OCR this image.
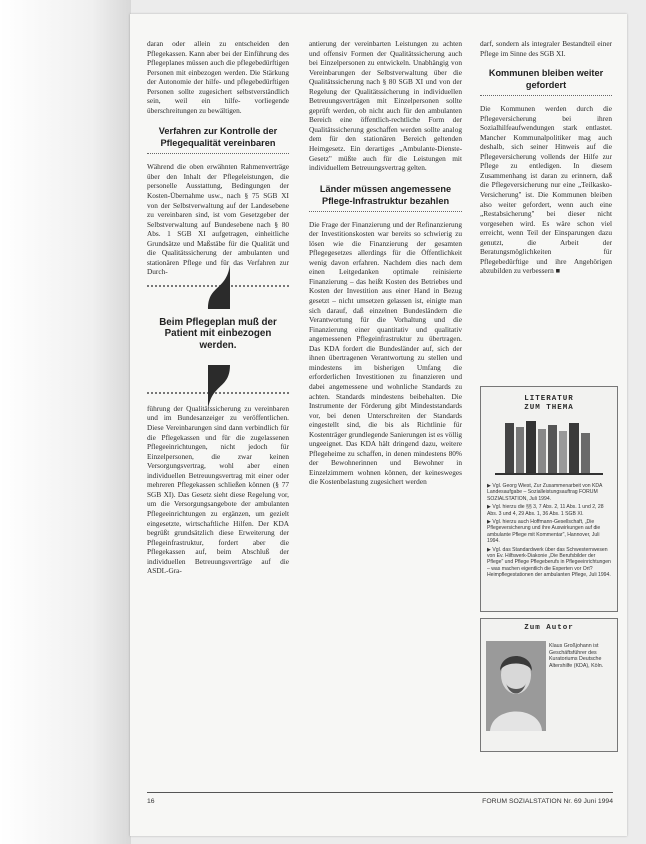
daran oder allein zu entscheiden den Pflegekassen. Kann aber bei der Einführung des Pflegeplanes müssen auch die pflegebedürftigen Personen mit einbezogen werden. Die Stärkung der Autonomie der hilfe- und pflegebedürftigen Personen sollte zugesichert selbstverständlich sein, weil ein hilfe- vorliegende überschreitungen zu bewältigen.

Verfahren zur Kontrolle der Pflegequalität vereinbaren

Während die oben erwähnten Rahmenverträge über den Inhalt der Pflegeleistungen, die personelle Ausstattung, Bedingungen der Kosten-Übernahme usw., nach § 75 SGB XI von der Selbstverwaltung auf der Landesebene zu vereinbaren sind, ist vom Gesetzgeber der Selbstverwaltung auf Bundesebene nach § 80 Abs. 1 SGB XI aufgetragen, einheitliche Grundsätze und Maßstäbe für die Qualität und die Qualitätssicherung der ambulanten und stationären Pflege und für das Verfahren zur Durch-

Beim Pflegeplan muß der Patient mit einbezogen werden.

führung der Qualitätssicherung zu vereinbaren und im Bundesanzeiger zu veröffentlichen. Diese Vereinbarungen sind dann verbindlich für die Pflegekassen und für die zugelassenen Pflegeeinrichtungen, nicht jedoch für Einzelpersonen, die zwar keinen Versorgungsvertrag, wohl aber einen individuellen Betreuungsvertrag mit einer oder mehreren Pflegekassen schließen können (§ 77 SGB XI). Das Gesetz sieht diese Regelung vor, um die Versorgungsangebote der ambulanten Pflegeeinrichtungen zu ergänzen, um gezielt eingesetzte, wirtschaftliche Hilfen. Der KDA begrüßt grundsätzlich diese Erweiterung der Pflegeinfrastruktur, fordert aber die Pflegekassen auf, beim Abschluß der individuellen Betreuungsverträge auf die ASDL-Gra-

antierung der vereinbarten Leistungen zu achten und offensiv Formen der Qualitätssicherung auch bei Einzelpersonen zu entwickeln. Unabhängig von Vereinbarungen der Selbstverwaltung über die Qualitätssicherung nach § 80 SGB XI und von der Regelung der Qualitätssicherung in individuellen Betreuungsverträgen mit Einzelpersonen sollte geprüft werden, ob nicht auch für den ambulanten Bereich eine öffentlich-rechtliche Form der Qualitätssicherung geschaffen werden sollte analog dem für den stationären Bereich geltenden Heimgesetz. Ein derartiges „Ambulante-Dienste-Gesetz" müßte auch für die Leistungen mit individuellem Betreuungsvertrag gelten.

Länder müssen angemessene Pflege-Infrastruktur bezahlen

Die Frage der Finanzierung und der Refinanzierung der Investitionskosten war bereits so schwierig zu lösen wie die Finanzierung der gesamten Pflegegesetzes allerdings für die Öffentlichkeit wenig davon erfahren. Nachdem dies nach dem einen Leitgedanken optimale reinisierte Finanzierung – das heißt Kosten des Betriebes und Kosten der Investition aus einer Hand in Bezug gesetzt – nicht umsetzen gelassen ist, einigte man sich darauf, daß einzelnen Bundesländern die Verantwortung für die Vorhaltung und die Finanzierung einer quantitativ und qualitativ angemessenen Pflegeinfrastruktur zu übertragen. Das KDA fordert die Bundesländer auf, sich der ihnen übertragenen Verantwortung zu stellen und mindestens im bisherigen Umfang die erforderlichen Investitionen zu finanzieren und dabei angemessene und wohnliche Standards zu achten. Standards mindestens beibehalten. Die Instrumente der Förderung gibt Mindeststandards vor, bei denen Unterschreiten der Standards eingestellt sind, die bis als Richtlinie für Kostenträger grundlegende Sanierungen ist es völlig ungeeignet. Das KDA hält dringend dazu, weitere Pflegeheime zu schaffen, in denen mindestens 80% der Bewohnerinnen und Bewohner in Einzelzimmern wohnen können, der keinesweges die Kostenbelastung zugesichert werden

darf, sondern als integraler Bestandteil einer Pflege im Sinne des SGB XI.

Kommunen bleiben weiter gefordert

Die Kommunen werden durch die Pflegeversicherung bei ihren Sozialhilfeaufwendungen stark entlastet. Mancher Kommunalpolitiker mag auch deshalb, sich seiner Hinweis auf die Pflegeversicherung vollends der Hilfe zur Pflege zu entledigen. In diesem Zusammenhang ist daran zu erinnern, daß die Pflegeversicherung nur eine „Teilkasko-Versicherung" ist. Die Kommunen bleiben also weiter gefordert, wenn auch eine „Restabsicherung" bei dieser nicht vorgesehen wird. Es wäre schon viel erreicht, wenn Teil der Einsparungen dazu genutzt, die Arbeit der Beratungsmöglichkeiten für Pflegebedürftige und ihre Angehörigen abzubilden zu verbessern ■

LITERATUR
ZUM THEMA

▶ Vgl. Georg Wiest, Zur Zusammenarbeit von KDA Landesaufgabe – Sozialleistungsauftrag FORUM SOZIALSTATION, Juli 1994.

▶ Vgl. hierzu die §§ 3, 7 Abs. 2, 11 Abs. 1 und 2, 28 Abs. 3 und 4, 29 Abs. 1, 36 Abs. 1 SGB XI.

▶ Vgl. hierzu auch Hoffmann-Gesellschaft, „Die Pflegeversicherung und ihre Auswirkungen auf die ambulante Pflege mit Kommentar", Hannover, Juli 1994.

▶ Vgl. das Standardwerk über das Schwesternwesen von Ev. Hilfswerk-Diakonie „Die Berufsbilder der Pflege" und Pflege Pflegeberufs in Pflegeeinrichtungen – was machen eigentlich die Experten vor Ort? Heimpflegestationen der ambulanten Pflege, Juli 1994.

Zum Autor
Klaus Großjohann ist Geschäftsführer des Kuratoriums Deutsche Altershilfe (KDA), Köln.
16	FORUM SOZIALSTATION Nr. 69 Juni 1994
